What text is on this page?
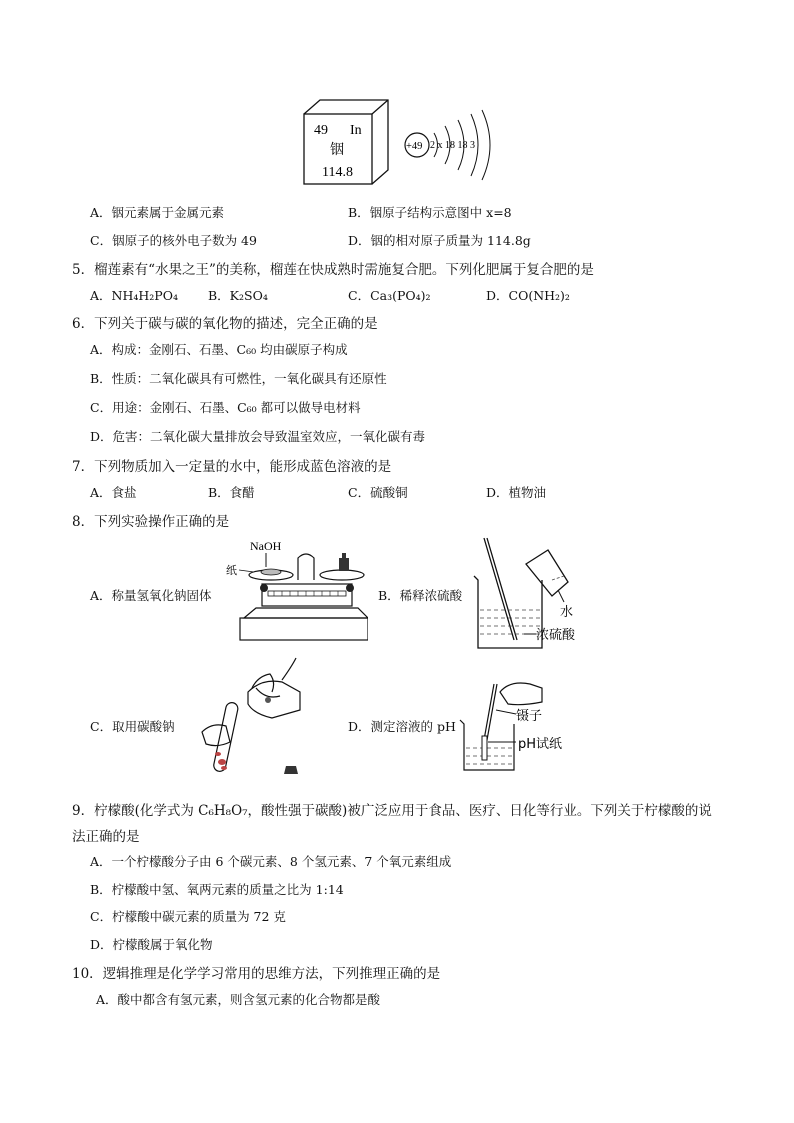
49 In
铟
114.8
+49 2 x 18 18 3
A．铟元素属于金属元素	B．铟原子结构示意图中 x=8
C．铟原子的核外电子数为 49	D．铟的相对原子质量为 114.8g
5．榴莲素有“水果之王”的美称，榴莲在快成熟时需施复合肥。下列化肥属于复合肥的是
A．NH₄H₂PO₄ B．K₂SO₄	C．Ca₃(PO₄)₂	D．CO(NH₂)₂
6．下列关于碳与碳的氧化物的描述，完全正确的是
A．构成：金刚石、石墨、C₆₀ 均由碳原子构成
B．性质：二氧化碳具有可燃性，一氧化碳具有还原性
C．用途：金刚石、石墨、C₆₀ 都可以做导电材料
D．危害：二氧化碳大量排放会导致温室效应，一氧化碳有毒
7．下列物质加入一定量的水中，能形成蓝色溶液的是
A．食盐	B．食醋	C．硫酸铜	D．植物油
8．下列实验操作正确的是
A．称量氢氧化钠固体
NaOH
纸
B．稀释浓硫酸
水
浓硫酸
C．取用碳酸钠	D．测定溶液的 pH
镊子
pH试纸
9．柠檬酸(化学式为 C₆H₈O₇，酸性强于碳酸)被广泛应用于食品、医疗、日化等行业。下列关于柠檬酸的说
法正确的是
A．一个柠檬酸分子由 6 个碳元素、8 个氢元素、7 个氧元素组成
B．柠檬酸中氢、氧两元素的质量之比为 1:14
C．柠檬酸中碳元素的质量为 72 克
D．柠檬酸属于氧化物
10．逻辑推理是化学学习常用的思维方法，下列推理正确的是
A．酸中都含有氢元素，则含氢元素的化合物都是酸
